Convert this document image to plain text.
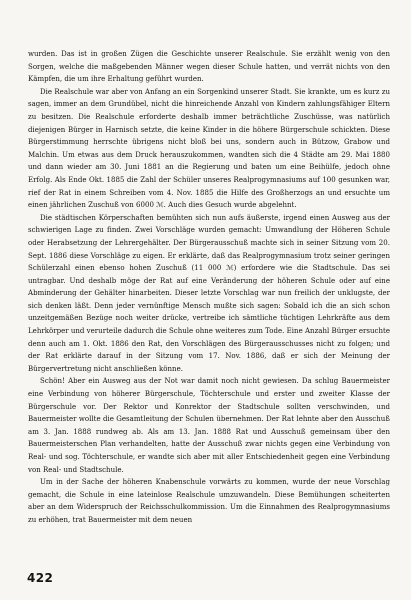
wurden. Das ist in großen Zügen die Geschichte unserer Realschule. Sie erzählt wenig von den Sorgen, welche die maßgebenden Männer wegen dieser Schule hatten, und verrät nichts von den Kämpfen, die um ihre Erhaltung geführt wurden.

Die Realschule war aber von Anfang an ein Sorgenkind unserer Stadt. Sie krankte, um es kurz zu sagen, immer an dem Grundübel, nicht die hinreichende Anzahl von Kindern zahlungsfähiger Eltern zu besitzen. Die Realschule erforderte deshalb immer beträchtliche Zuschüsse, was natürlich diejenigen Bürger in Harnisch setzte, die keine Kinder in die höhere Bürgerschule schickten. Diese Bürgerstimmung herrschte übrigens nicht bloß bei uns, sondern auch in Bützow, Grabow und Malchin. Um etwas aus dem Druck herauszukommen, wandten sich die 4 Städte am 29. Mai 1880 und dann wieder am 30. Juni 1881 an die Regierung und baten um eine Beihülfe, jedoch ohne Erfolg. Als Ende Okt. 1885 die Zahl der Schüler unseres Realprogymnasiums auf 100 gesunken war, rief der Rat in einem Schreiben vom 4. Nov. 1885 die Hilfe des Großherzogs an und ersuchte um einen jährlichen Zuschuß von 6000 ℳ. Auch dies Gesuch wurde abgelehnt.

Die städtischen Körperschaften bemühten sich nun aufs äußerste, irgend einen Ausweg aus der schwierigen Lage zu finden. Zwei Vorschläge wurden gemacht: Umwandlung der Höheren Schule oder Herabsetzung der Lehrergehälter. Der Bürgerausschuß machte sich in seiner Sitzung vom 20. Sept. 1886 diese Vorschläge zu eigen. Er erklärte, daß das Realprogymnasium trotz seiner geringen Schülerzahl einen ebenso hohen Zuschuß (11 000 ℳ) erfordere wie die Stadtschule. Das sei untragbar. Und deshalb möge der Rat auf eine Veränderung der höheren Schule oder auf eine Abminderung der Gehälter hinarbeiten. Dieser letzte Vorschlag war nun freilich der unklugste, der sich denken läßt. Denn jeder vernünftige Mensch mußte sich sagen: Sobald ich die an sich schon unzeitgemäßen Bezüge noch weiter drücke, vertreibe ich sämtliche tüchtigen Lehrkräfte aus dem Lehrkörper und verurteile dadurch die Schule ohne weiteres zum Tode. Eine Anzahl Bürger ersuchte denn auch am 1. Okt. 1886 den Rat, den Vorschlägen des Bürgerausschusses nicht zu folgen; und der Rat erklärte darauf in der Sitzung vom 17. Nov. 1886, daß er sich der Meinung der Bürgervertretung nicht anschließen könne.

Schön! Aber ein Ausweg aus der Not war damit noch nicht gewiesen. Da schlug Bauermeister eine Verbindung von höherer Bürgerschule, Töchterschule und erster und zweiter Klasse der Bürgerschule vor. Der Rektor und Konrektor der Stadtschule sollten verschwinden, und Bauermeister wollte die Gesamtleitung der Schulen übernehmen. Der Rat lehnte aber den Ausschuß am 3. Jan. 1888 rundweg ab. Als am 13. Jan. 1888 Rat und Ausschuß gemeinsam über den Bauermeisterschen Plan verhandelten, hatte der Ausschuß zwar nichts gegen eine Verbindung von Real- und sog. Töchterschule, er wandte sich aber mit aller Entschiedenheit gegen eine Verbindung von Real- und Stadtschule.

Um in der Sache der höheren Knabenschule vorwärts zu kommen, wurde der neue Vorschlag gemacht, die Schule in eine lateinlose Realschule umzuwandeln. Diese Bemühungen scheiterten aber an dem Widerspruch der Reichsschulkommission. Um die Einnahmen des Realprogymnasiums zu erhöhen, trat Bauermeister mit dem neuen

422
